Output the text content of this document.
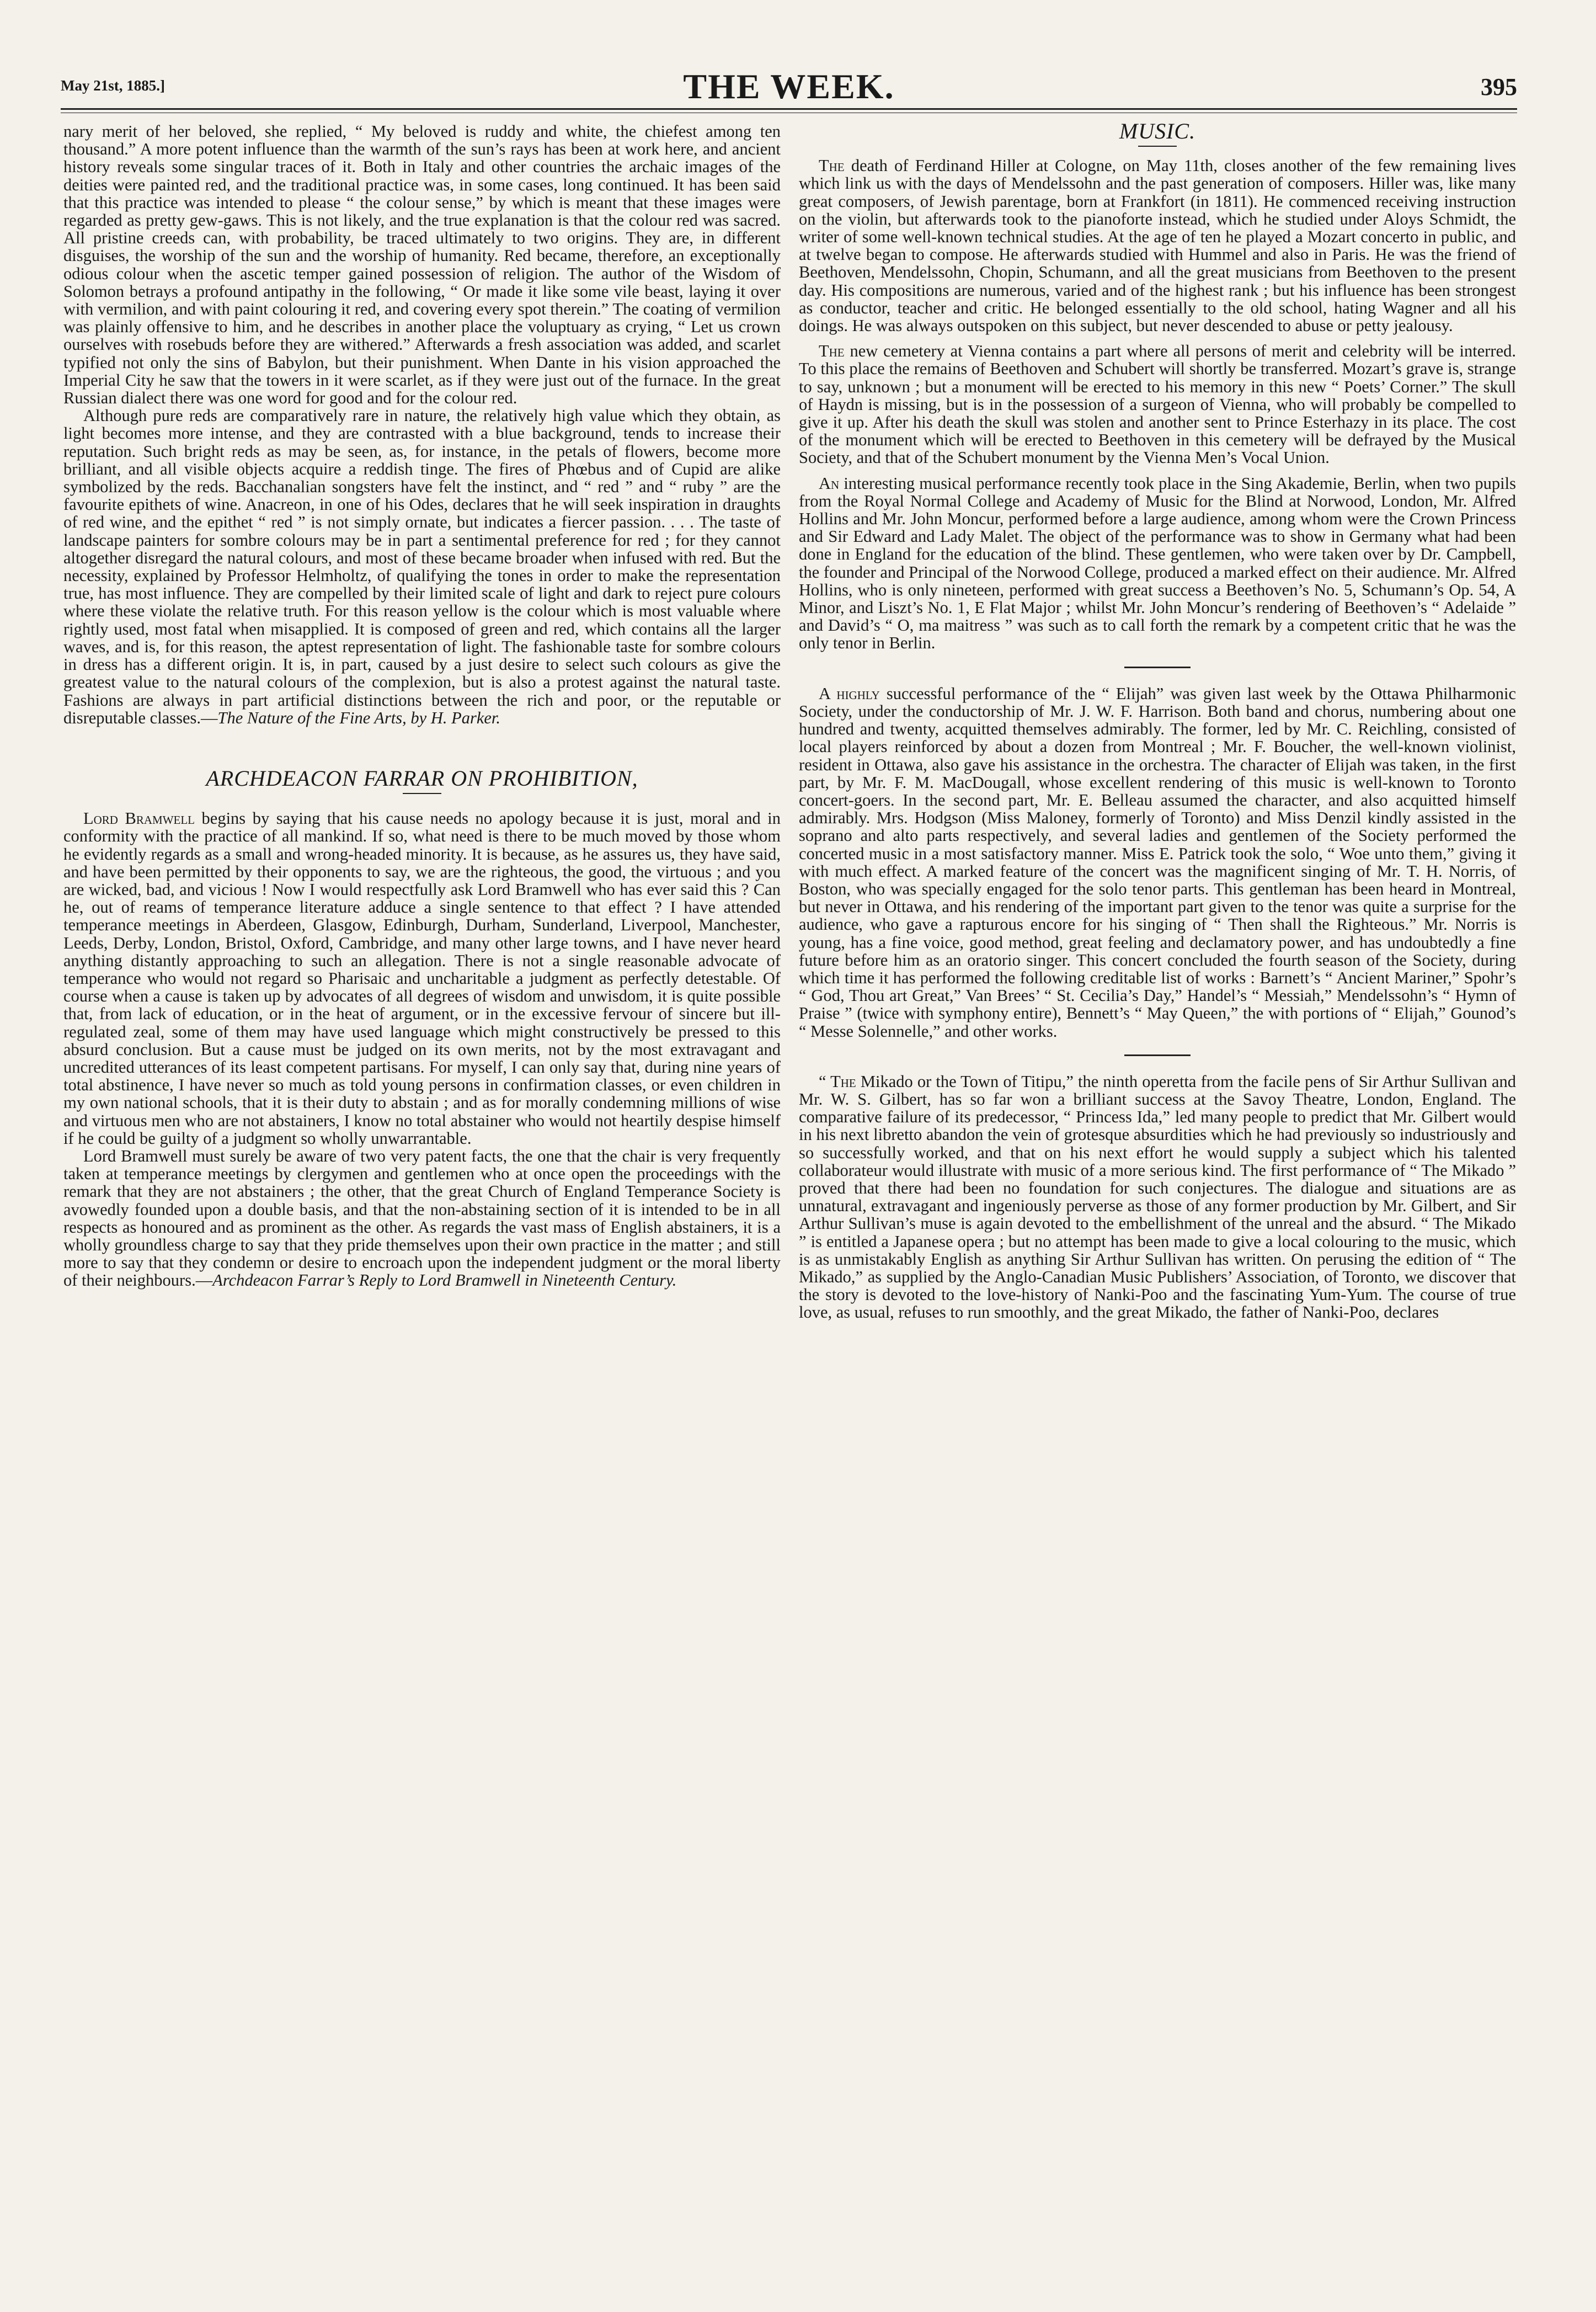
May 21st, 1885.]	THE WEEK.	395

nary merit of her beloved, she replied, “ My beloved is ruddy and white, the chiefest among ten thousand.” A more potent influence than the warmth of the sun’s rays has been at work here, and ancient history reveals some singular traces of it. Both in Italy and other countries the archaic images of the deities were painted red, and the traditional practice was, in some cases, long continued. It has been said that this practice was intended to please “ the colour sense,” by which is meant that these images were regarded as pretty gew-gaws. This is not likely, and the true explanation is that the colour red was sacred. All pristine creeds can, with probability, be traced ultimately to two origins. They are, in different disguises, the worship of the sun and the worship of humanity. Red became, therefore, an exceptionally odious colour when the ascetic temper gained possession of religion. The author of the Wisdom of Solomon betrays a profound antipathy in the following, “ Or made it like some vile beast, laying it over with vermilion, and with paint colouring it red, and covering every spot therein.” The coating of vermilion was plainly offensive to him, and he describes in another place the voluptuary as crying, “ Let us crown ourselves with rosebuds before they are withered.” Afterwards a fresh association was added, and scarlet typified not only the sins of Babylon, but their punishment. When Dante in his vision approached the Imperial City he saw that the towers in it were scarlet, as if they were just out of the furnace. In the great Russian dialect there was one word for good and for the colour red.

Although pure reds are comparatively rare in nature, the relatively high value which they obtain, as light becomes more intense, and they are contrasted with a blue background, tends to increase their reputation. Such bright reds as may be seen, as, for instance, in the petals of flowers, become more brilliant, and all visible objects acquire a reddish tinge. The fires of Phœbus and of Cupid are alike symbolized by the reds. Bacchanalian songsters have felt the instinct, and “ red ” and “ ruby ” are the favourite epithets of wine. Anacreon, in one of his Odes, declares that he will seek inspiration in draughts of red wine, and the epithet “ red ” is not simply ornate, but indicates a fiercer passion. . . . The taste of landscape painters for sombre colours may be in part a sentimental preference for red ; for they cannot altogether disregard the natural colours, and most of these became broader when infused with red. But the necessity, explained by Professor Helmholtz, of qualifying the tones in order to make the representation true, has most influence. They are compelled by their limited scale of light and dark to reject pure colours where these violate the relative truth. For this reason yellow is the colour which is most valuable where rightly used, most fatal when misapplied. It is composed of green and red, which contains all the larger waves, and is, for this reason, the aptest representation of light. The fashionable taste for sombre colours in dress has a different origin. It is, in part, caused by a just desire to select such colours as give the greatest value to the natural colours of the complexion, but is also a protest against the natural taste. Fashions are always in part artificial distinctions between the rich and poor, or the reputable or disreputable classes.—The Nature of the Fine Arts, by H. Parker.

ARCHDEACON FARRAR ON PROHIBITION,

Lord Bramwell begins by saying that his cause needs no apology because it is just, moral and in conformity with the practice of all mankind. If so, what need is there to be much moved by those whom he evidently regards as a small and wrong-headed minority. It is because, as he assures us, they have said, and have been permitted by their opponents to say, we are the righteous, the good, the virtuous ; and you are wicked, bad, and vicious ! Now I would respectfully ask Lord Bramwell who has ever said this ? Can he, out of reams of temperance literature adduce a single sentence to that effect ? I have attended temperance meetings in Aberdeen, Glasgow, Edinburgh, Durham, Sunderland, Liverpool, Manchester, Leeds, Derby, London, Bristol, Oxford, Cambridge, and many other large towns, and I have never heard anything distantly approaching to such an allegation. There is not a single reasonable advocate of temperance who would not regard so Pharisaic and uncharitable a judgment as perfectly detestable. Of course when a cause is taken up by advocates of all degrees of wisdom and unwisdom, it is quite possible that, from lack of education, or in the heat of argument, or in the excessive fervour of sincere but ill-regulated zeal, some of them may have used language which might constructively be pressed to this absurd conclusion. But a cause must be judged on its own merits, not by the most extravagant and uncredited utterances of its least competent partisans. For myself, I can only say that, during nine years of total abstinence, I have never so much as told young persons in confirmation classes, or even children in my own national schools, that it is their duty to abstain ; and as for morally condemning millions of wise and virtuous men who are not abstainers, I know no total abstainer who would not heartily despise himself if he could be guilty of a judgment so wholly unwarrantable.

Lord Bramwell must surely be aware of two very patent facts, the one that the chair is very frequently taken at temperance meetings by clergymen and gentlemen who at once open the proceedings with the remark that they are not abstainers ; the other, that the great Church of England Temperance Society is avowedly founded upon a double basis, and that the non-abstaining section of it is intended to be in all respects as honoured and as prominent as the other. As regards the vast mass of English abstainers, it is a wholly groundless charge to say that they pride themselves upon their own practice in the matter ; and still more to say that they condemn or desire to encroach upon the independent judgment or the moral liberty of their neighbours.—Archdeacon Farrar’s Reply to Lord Bramwell in Nineteenth Century.

MUSIC.

The death of Ferdinand Hiller at Cologne, on May 11th, closes another of the few remaining lives which link us with the days of Mendelssohn and the past generation of composers. Hiller was, like many great composers, of Jewish parentage, born at Frankfort (in 1811). He commenced receiving instruction on the violin, but afterwards took to the pianoforte instead, which he studied under Aloys Schmidt, the writer of some well-known technical studies. At the age of ten he played a Mozart concerto in public, and at twelve began to compose. He afterwards studied with Hummel and also in Paris. He was the friend of Beethoven, Mendelssohn, Chopin, Schumann, and all the great musicians from Beethoven to the present day. His compositions are numerous, varied and of the highest rank ; but his influence has been strongest as conductor, teacher and critic. He belonged essentially to the old school, hating Wagner and all his doings. He was always outspoken on this subject, but never descended to abuse or petty jealousy.

The new cemetery at Vienna contains a part where all persons of merit and celebrity will be interred. To this place the remains of Beethoven and Schubert will shortly be transferred. Mozart’s grave is, strange to say, unknown ; but a monument will be erected to his memory in this new “ Poets’ Corner.” The skull of Haydn is missing, but is in the possession of a surgeon of Vienna, who will probably be compelled to give it up. After his death the skull was stolen and another sent to Prince Esterhazy in its place. The cost of the monument which will be erected to Beethoven in this cemetery will be defrayed by the Musical Society, and that of the Schubert monument by the Vienna Men’s Vocal Union.

An interesting musical performance recently took place in the Sing Akademie, Berlin, when two pupils from the Royal Normal College and Academy of Music for the Blind at Norwood, London, Mr. Alfred Hollins and Mr. John Moncur, performed before a large audience, among whom were the Crown Princess and Sir Edward and Lady Malet. The object of the performance was to show in Germany what had been done in England for the education of the blind. These gentlemen, who were taken over by Dr. Campbell, the founder and Principal of the Norwood College, produced a marked effect on their audience. Mr. Alfred Hollins, who is only nineteen, performed with great success a Beethoven’s No. 5, Schumann’s Op. 54, A Minor, and Liszt’s No. 1, E Flat Major ; whilst Mr. John Moncur’s rendering of Beethoven’s “ Adelaide ” and David’s “ O, ma maitress ” was such as to call forth the remark by a competent critic that he was the only tenor in Berlin.

A highly successful performance of the “ Elijah” was given last week by the Ottawa Philharmonic Society, under the conductorship of Mr. J. W. F. Harrison. Both band and chorus, numbering about one hundred and twenty, acquitted themselves admirably. The former, led by Mr. C. Reichling, consisted of local players reinforced by about a dozen from Montreal ; Mr. F. Boucher, the well-known violinist, resident in Ottawa, also gave his assistance in the orchestra. The character of Elijah was taken, in the first part, by Mr. F. M. MacDougall, whose excellent rendering of this music is well-known to Toronto concert-goers. In the second part, Mr. E. Belleau assumed the character, and also acquitted himself admirably. Mrs. Hodgson (Miss Maloney, formerly of Toronto) and Miss Denzil kindly assisted in the soprano and alto parts respectively, and several ladies and gentlemen of the Society performed the concerted music in a most satisfactory manner. Miss E. Patrick took the solo, “ Woe unto them,” giving it with much effect. A marked feature of the concert was the magnificent singing of Mr. T. H. Norris, of Boston, who was specially engaged for the solo tenor parts. This gentleman has been heard in Montreal, but never in Ottawa, and his rendering of the important part given to the tenor was quite a surprise for the audience, who gave a rapturous encore for his singing of “ Then shall the Righteous.” Mr. Norris is young, has a fine voice, good method, great feeling and declamatory power, and has undoubtedly a fine future before him as an oratorio singer. This concert concluded the fourth season of the Society, during which time it has performed the following creditable list of works : Barnett’s “ Ancient Mariner,” Spohr’s “ God, Thou art Great,” Van Brees’ “ St. Cecilia’s Day,” Handel’s “ Messiah,” Mendelssohn’s “ Hymn of Praise ” (twice with symphony entire), Bennett’s “ May Queen,” the with portions of “ Elijah,” Gounod’s “ Messe Solennelle,” and other works.

“ The Mikado or the Town of Titipu,” the ninth operetta from the facile pens of Sir Arthur Sullivan and Mr. W. S. Gilbert, has so far won a brilliant success at the Savoy Theatre, London, England. The comparative failure of its predecessor, “ Princess Ida,” led many people to predict that Mr. Gilbert would in his next libretto abandon the vein of grotesque absurdities which he had previously so industriously and so successfully worked, and that on his next effort he would supply a subject which his talented collaborateur would illustrate with music of a more serious kind. The first performance of “ The Mikado ” proved that there had been no foundation for such conjectures. The dialogue and situations are as unnatural, extravagant and ingeniously perverse as those of any former production by Mr. Gilbert, and Sir Arthur Sullivan’s muse is again devoted to the embellishment of the unreal and the absurd. “ The Mikado ” is entitled a Japanese opera ; but no attempt has been made to give a local colouring to the music, which is as unmistakably English as anything Sir Arthur Sullivan has written. On perusing the edition of “ The Mikado,” as supplied by the Anglo-Canadian Music Publishers’ Association, of Toronto, we discover that the story is devoted to the love-history of Nanki-Poo and the fascinating Yum-Yum. The course of true love, as usual, refuses to run smoothly, and the great Mikado, the father of Nanki-Poo, declares
